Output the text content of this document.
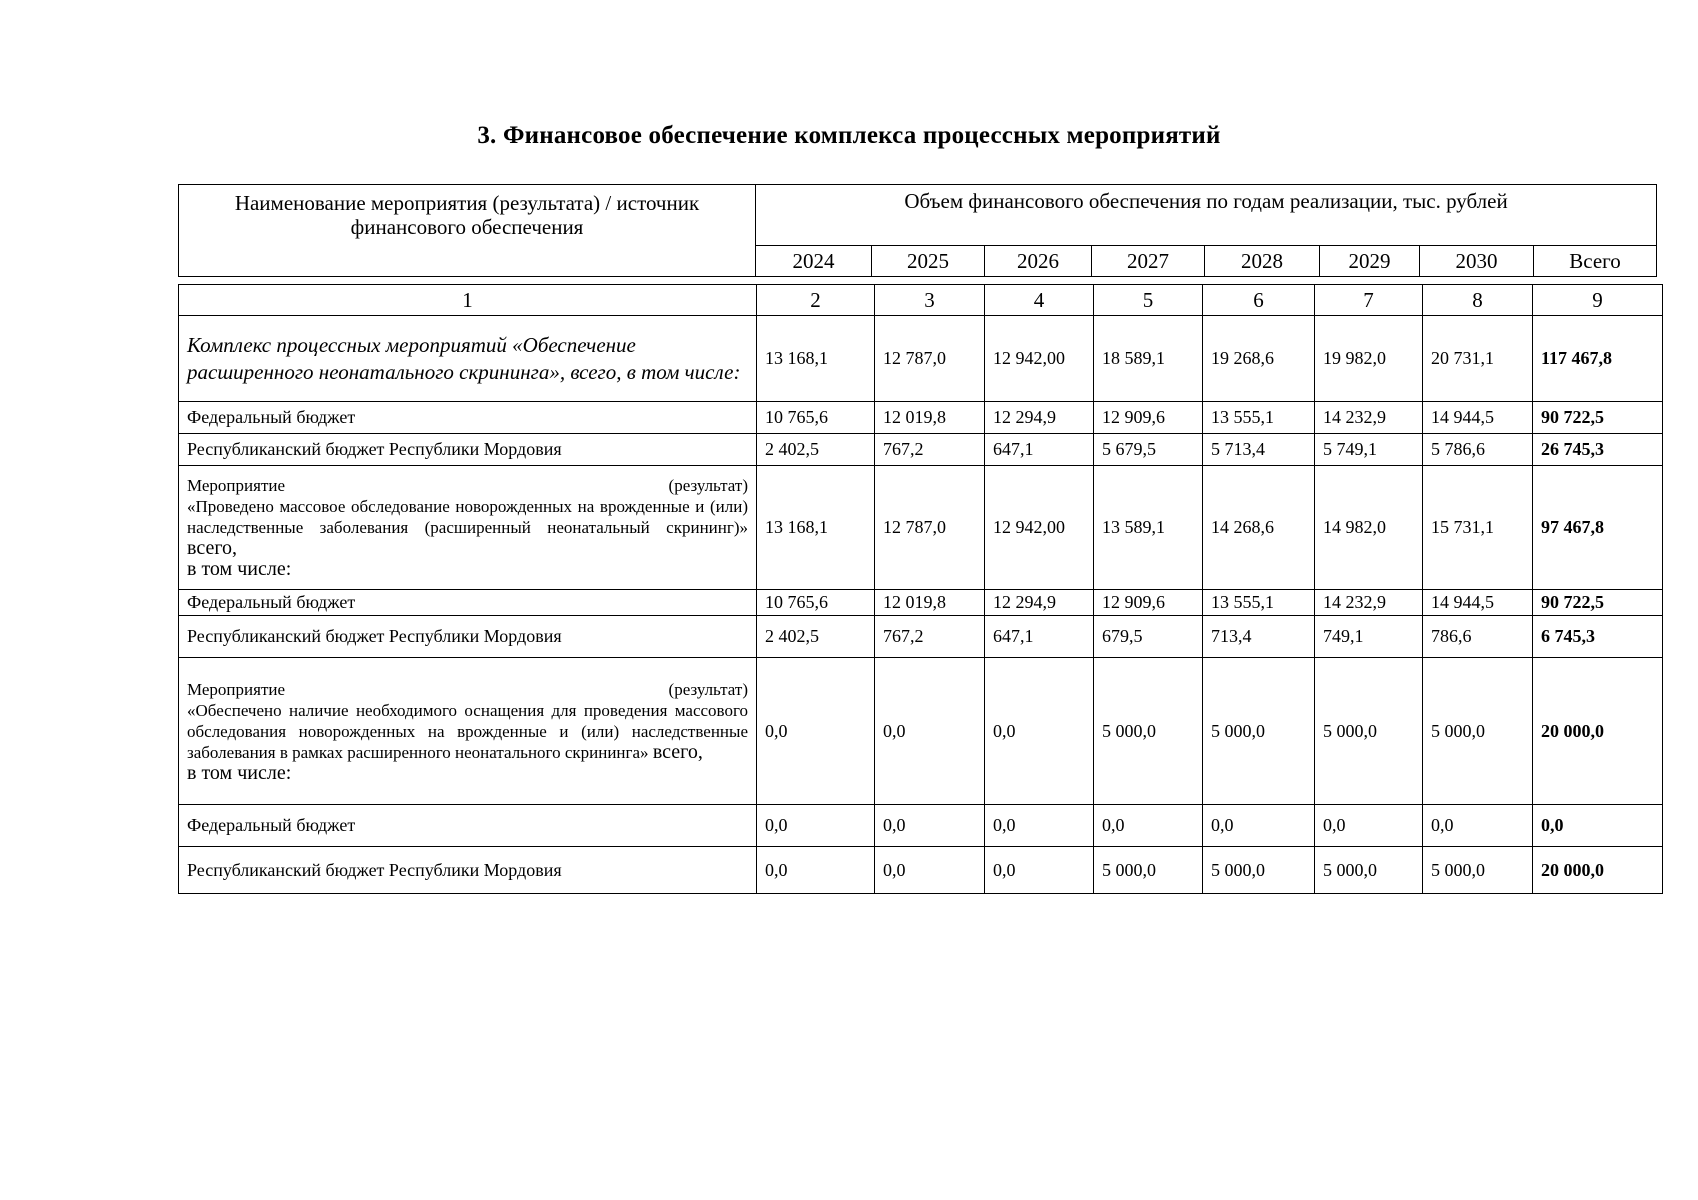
3. Финансовое обеспечение комплекса процессных мероприятий
Наименование мероприятия (результата) / источник финансового обеспечения	Объем финансового обеспечения по годам реализации, тыс. рублей							
	2024	2025	2026	2027	2028	2029	2030	Всего
1	2	3	4	5	6	7	8	9
Комплекс процессных мероприятий «Обеспечение расширенного неонатального скрининга», всего, в том числе:	13 168,1	12 787,0	12 942,00	18 589,1	19 268,6	19 982,0	20 731,1	117 467,8
Федеральный бюджет	10 765,6	12 019,8	12 294,9	12 909,6	13 555,1	14 232,9	14 944,5	90 722,5
Республиканский бюджет Республики Мордовия	2 402,5	767,2	647,1	5 679,5	5 713,4	5 749,1	5 786,6	26 745,3

Мероприятие (результат)
«Проведено массовое обследование новорожденных на врожденные и (или) наследственные заболевания (расширенный неонатальный скрининг)» всего,
в том числе:	13 168,1	12 787,0	12 942,00	13 589,1	14 268,6	14 982,0	15 731,1	97 467,8
Федеральный бюджет	10 765,6	12 019,8	12 294,9	12 909,6	13 555,1	14 232,9	14 944,5	90 722,5
Республиканский бюджет Республики Мордовия	2 402,5	767,2	647,1	679,5	713,4	749,1	786,6	6 745,3

Мероприятие (результат)
«Обеспечено наличие необходимого оснащения для проведения массового обследования новорожденных на врожденные и (или) наследственные заболевания в рамках расширенного неонатального скрининга» всего,
в том числе:	0,0	0,0	0,0	5 000,0	5 000,0	5 000,0	5 000,0	20 000,0
Федеральный бюджет	0,0	0,0	0,0	0,0	0,0	0,0	0,0	0,0
Республиканский бюджет Республики Мордовия	0,0	0,0	0,0	5 000,0	5 000,0	5 000,0	5 000,0	20 000,0
